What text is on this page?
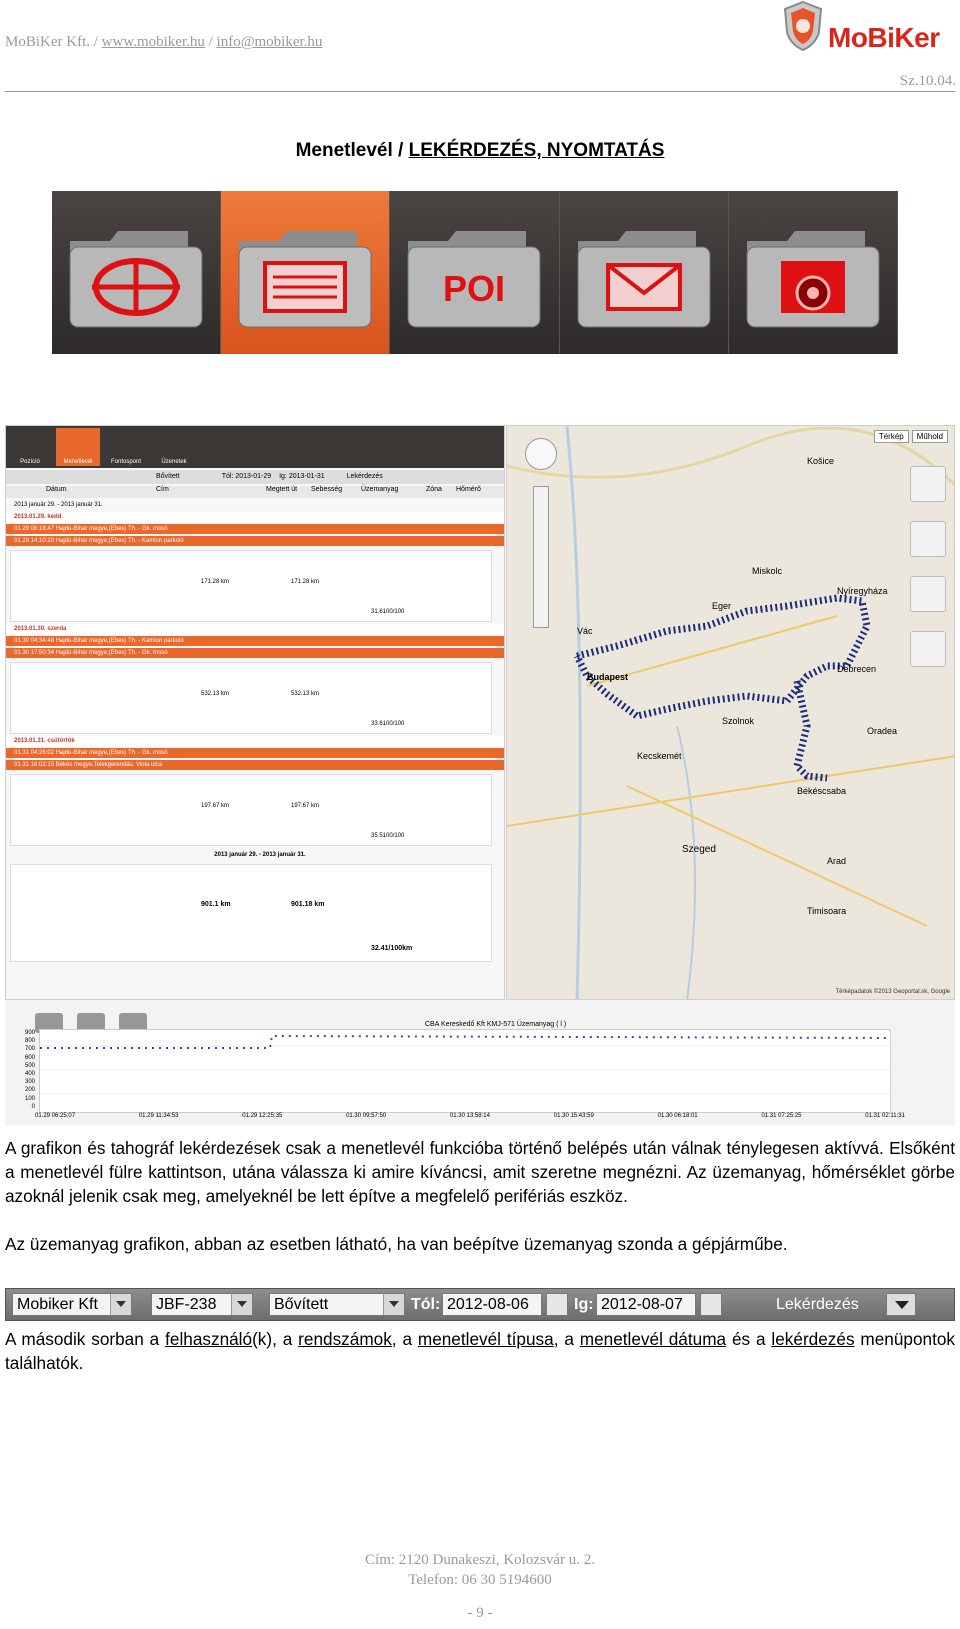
MoBiKer Kft. / www.mobiker.hu / info@mobiker.hu	MoBiKer
Sz.10.04.
Menetlevél / LEKÉRDEZÉS, NYOMTATÁS
POI
Pozíció	Menetlevél	Fontospont	Üzenetek
Bővített	Tól: 2013-01-29 Ig: 2013-01-31	Lekérdezés
Dátum	Cím	Megtett út Sebesség	Üzemanyag	Zóna Hőmérő
2013 január 29. - 2013 január 31.
2013.01.29. kedd
01.29 06:18:47 Hajdú-Bihar megye,(Ebes) Th. - Gk. mosó
01.29 14:10:20 Hajdú-Bihar megye,(Ebes) Th. - Kamion parkoló
171.28 km	171.28 km
31.6100/100
2013.01.30. szerda
01.30 04:34:48 Hajdú-Bihar megye,(Ebes) Th. - Kamion parkoló
01.30 17:50:34 Hajdú-Bihar megye,(Ebes) Th. - Gk. mosó
532.13 km	532.13 km
33.6100/100
2013.01.31. csütörtök
01.31 04:26:02 Hajdú-Bihar megye,(Ebes) Th. - Gk. mosó
01.31 16:02:15 Békés megye,Telekgerendás, Viola utca
197.67 km	197.67 km
35.5100/100
2013 január 29. - 2013 január 31.
901.1 km	901.18 km
32.41/100km
Budapest
Kecskemét
Szeged
Debrecen
Nyíregyháza
Miskolc
Eger
Szolnok
Békéscsaba
Timisoara
Oradea
Arad
Košice
Vác
Térkép	Műhold
Térképadatok ©2013 Geoportal.sk, Google
CBA Kereskedő Kft KMJ-571 Üzemanyag ( l )
900
800
700
600
500
400
300
200
100
0
01.29 06:25:07	01.29 11:34:53	01.29 12:25:35	01.30 09:57:50	01.30 13:58:14	01.30 15:43:59	01.30 06:18:01	01.31 07:25:25	01.31 02:11:31
A grafikon és tahográf lekérdezések csak a menetlevél funkcióba történő belépés után válnak ténylegesen aktívvá. Elsőként a menetlevél fülre kattintson, utána válassza ki amire kíváncsi, amit szeretne megnézni. Az üzemanyag, hőmérséklet görbe azoknál jelenik csak meg, amelyeknél be lett építve a megfelelő perifériás eszköz.
Az üzemanyag grafikon, abban az esetben látható, ha van beépítve üzemanyag szonda a gépjárműbe.
Mobiker Kft	JBF-238	Bővített	Tól: 2012-08-06	Ig: 2012-08-07	Lekérdezés
A második sorban a felhasználó(k), a rendszámok, a menetlevél típusa, a menetlevél dátuma és a lekérdezés menüpontok találhatók.
Cím: 2120 Dunakeszi, Kolozsvár u. 2.
Telefon: 06 30 5194600
- 9 -
